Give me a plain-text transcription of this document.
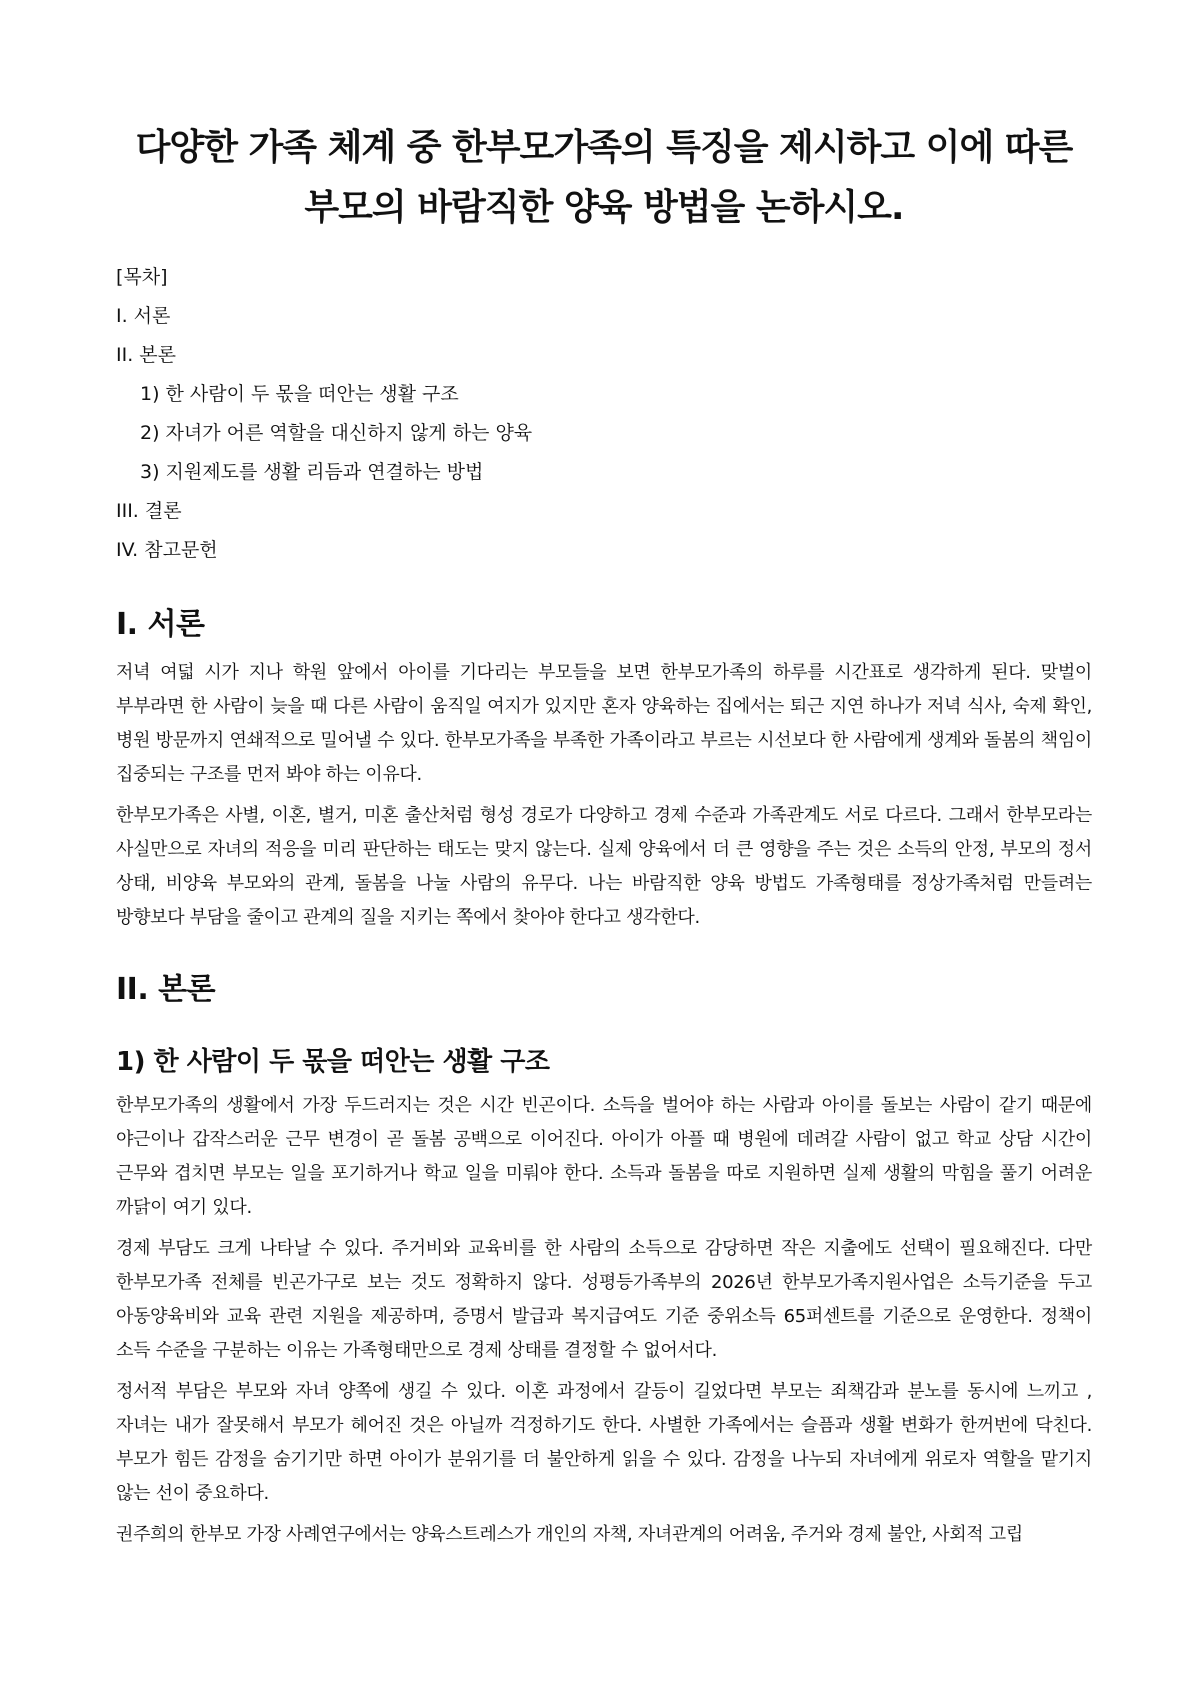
다양한 가족 체계 중 한부모가족의 특징을 제시하고 이에 따른
부모의 바람직한 양육 방법을 논하시오.

[목차]

I. 서론

II. 본론

1) 한 사람이 두 몫을 떠안는 생활 구조

2) 자녀가 어른 역할을 대신하지 않게 하는 양육

3) 지원제도를 생활 리듬과 연결하는 방법

III. 결론

IV. 참고문헌

I. 서론

저녁 여덟 시가 지나 학원 앞에서 아이를 기다리는 부모들을 보면 한부모가족의 하루를 시간표로 생각하게 된다. 맞벌이 부부라면 한 사람이 늦을 때 다른 사람이 움직일 여지가 있지만 혼자 양육하는 집에서는 퇴근 지연 하나가 저녁 식사, 숙제 확인, 병원 방문까지 연쇄적으로 밀어낼 수 있다. 한부모가족을 부족한 가족이라고 부르는 시선보다 한 사람에게 생계와 돌봄의 책임이 집중되는 구조를 먼저 봐야 하는 이유다.

한부모가족은 사별, 이혼, 별거, 미혼 출산처럼 형성 경로가 다양하고 경제 수준과 가족관계도 서로 다르다. 그래서 한부모라는 사실만으로 자녀의 적응을 미리 판단하는 태도는 맞지 않는다. 실제 양육에서 더 큰 영향을 주는 것은 소득의 안정, 부모의 정서 상태, 비양육 부모와의 관계, 돌봄을 나눌 사람의 유무다. 나는 바람직한 양육 방법도 가족형태를 정상가족처럼 만들려는 방향보다 부담을 줄이고 관계의 질을 지키는 쪽에서 찾아야 한다고 생각한다.

II. 본론
1) 한 사람이 두 몫을 떠안는 생활 구조

한부모가족의 생활에서 가장 두드러지는 것은 시간 빈곤이다. 소득을 벌어야 하는 사람과 아이를 돌보는 사람이 같기 때문에 야근이나 갑작스러운 근무 변경이 곧 돌봄 공백으로 이어진다. 아이가 아플 때 병원에 데려갈 사람이 없고 학교 상담 시간이 근무와 겹치면 부모는 일을 포기하거나 학교 일을 미뤄야 한다. 소득과 돌봄을 따로 지원하면 실제 생활의 막힘을 풀기 어려운 까닭이 여기 있다.

경제 부담도 크게 나타날 수 있다. 주거비와 교육비를 한 사람의 소득으로 감당하면 작은 지출에도 선택이 필요해진다. 다만 한부모가족 전체를 빈곤가구로 보는 것도 정확하지 않다. 성평등가족부의 2026년 한부모가족지원사업은 소득기준을 두고 아동양육비와 교육 관련 지원을 제공하며, 증명서 발급과 복지급여도 기준 중위소득 65퍼센트를 기준으로 운영한다. 정책이 소득 수준을 구분하는 이유는 가족형태만으로 경제 상태를 결정할 수 없어서다.

정서적 부담은 부모와 자녀 양쪽에 생길 수 있다. 이혼 과정에서 갈등이 길었다면 부모는 죄책감과 분노를 동시에 느끼고 , 자녀는 내가 잘못해서 부모가 헤어진 것은 아닐까 걱정하기도 한다. 사별한 가족에서는 슬픔과 생활 변화가 한꺼번에 닥친다. 부모가 힘든 감정을 숨기기만 하면 아이가 분위기를 더 불안하게 읽을 수 있다. 감정을 나누되 자녀에게 위로자 역할을 맡기지 않는 선이 중요하다.

권주희의 한부모 가장 사례연구에서는 양육스트레스가 개인의 자책, 자녀관계의 어려움, 주거와 경제 불안, 사회적 고립
